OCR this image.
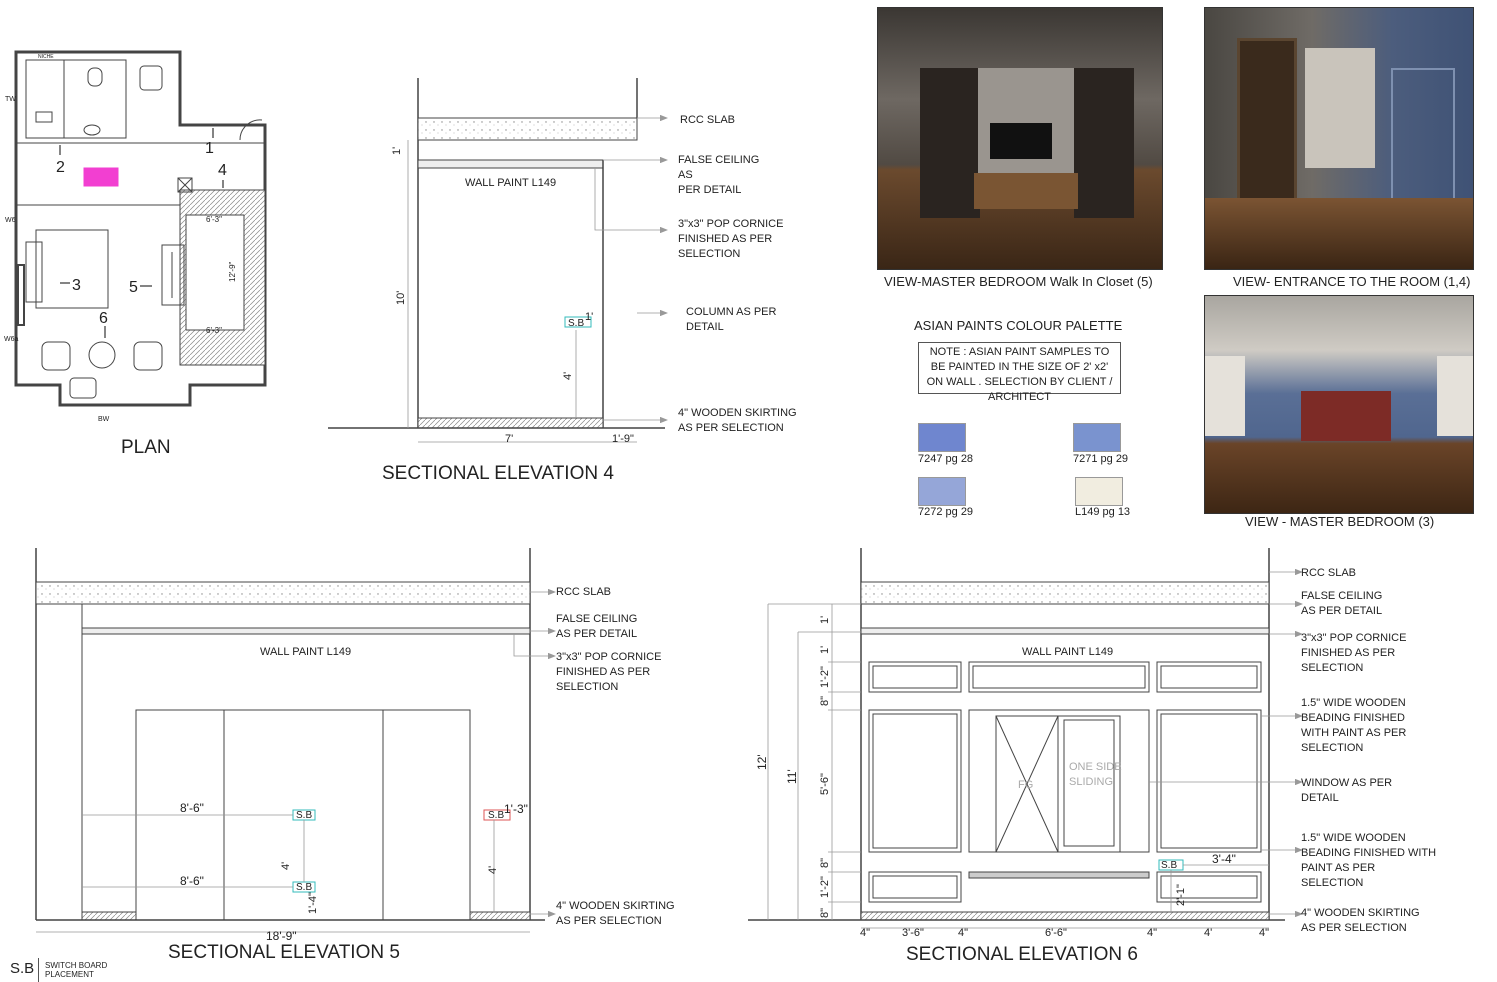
1
2
3
4
5
6
TW
W6
W6a
BW
NICHE
6'-3"
12'-9"
6'-3"
WALL PAINT L149
S.B
1'
10'
4'
1'
7'	1'-9"
RCC SLAB
FALSE CEILING AS PER DETAIL
3"x3" POP CORNICE FINISHED AS PER SELECTION
COLUMN AS PER DETAIL
4" WOODEN SKIRTING AS PER SELECTION
WALL PAINT L149
S.B
S.B
S.B
8'-6"
8'-6"
4'
1'-4"
4'
1'-3"
18'-9"
RCC SLAB
FALSE CEILING AS PER DETAIL
3"x3" POP CORNICE FINISHED AS PER SELECTION
4" WOODEN SKIRTING AS PER SELECTION
WALL PAINT L149
FG
ONE SIDE SLIDING
S.B
1'
1'
1'-2"
8"
5'-6"
8"
1'-2"
8"
12'
11'
4"	3'-6"	4"	6'-6"	4"	4'	4"
3'-4"
2'-1"
RCC SLAB
FALSE CEILING AS PER DETAIL
3"x3" POP CORNICE FINISHED AS PER SELECTION
1.5" WIDE WOODEN BEADING FINISHED WITH PAINT AS PER SELECTION
WINDOW AS PER DETAIL
1.5" WIDE WOODEN BEADING FINISHED WITH PAINT AS PER SELECTION
4" WOODEN SKIRTING AS PER SELECTION
PLAN
SECTIONAL ELEVATION 4
SECTIONAL ELEVATION 5	SECTIONAL ELEVATION 6
VIEW-MASTER BEDROOM Walk In Closet (5)	VIEW- ENTRANCE TO THE ROOM (1,4)
VIEW - MASTER BEDROOM (3)
ASIAN PAINTS COLOUR PALETTE
NOTE : ASIAN PAINT SAMPLES TO BE PAINTED IN THE SIZE OF 2' x2' ON WALL . SELECTION BY CLIENT / ARCHITECT
7247 pg 28	7271 pg 29
7272 pg 29	L149 pg 13
S.B SWITCH BOARD
PLACEMENT
